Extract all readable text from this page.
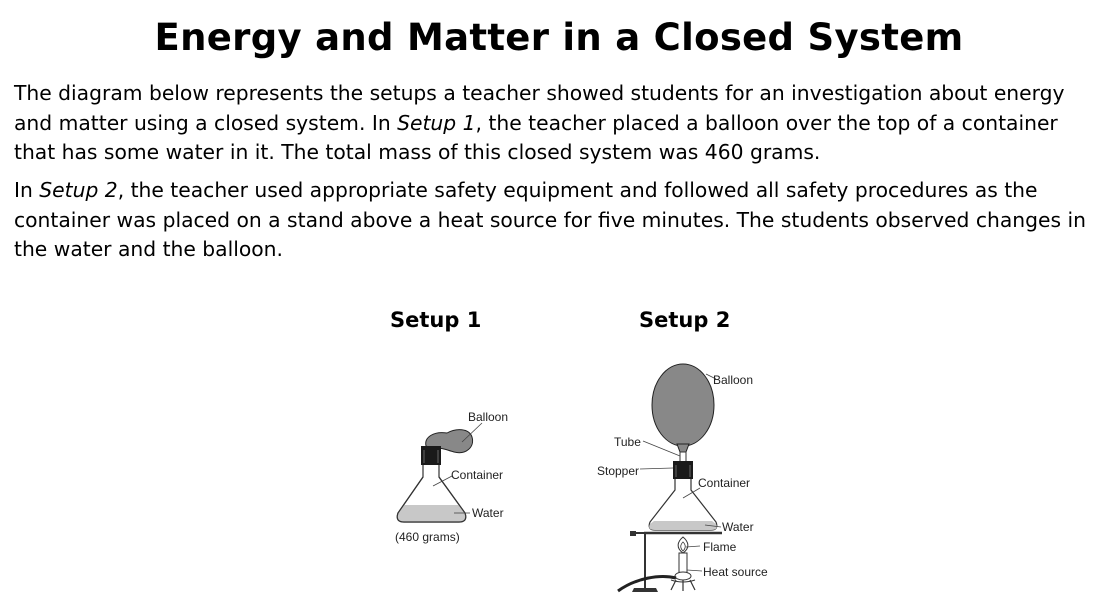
Energy and Matter in a Closed System

The diagram below represents the setups a teacher showed students for an investigation about energy and matter using a closed system. In Setup 1, the teacher placed a balloon over the top of a container that has some water in it. The total mass of this closed system was 460 grams.

In Setup 2, the teacher used appropriate safety equipment and followed all safety procedures as the container was placed on a stand above a heat source for five minutes. The students observed changes in the water and the balloon.

Setup 1	Setup 2
Balloon
Container
Water
(460 grams)
Balloon
Tube
Stopper
Container
Water
Flame
Heat source
